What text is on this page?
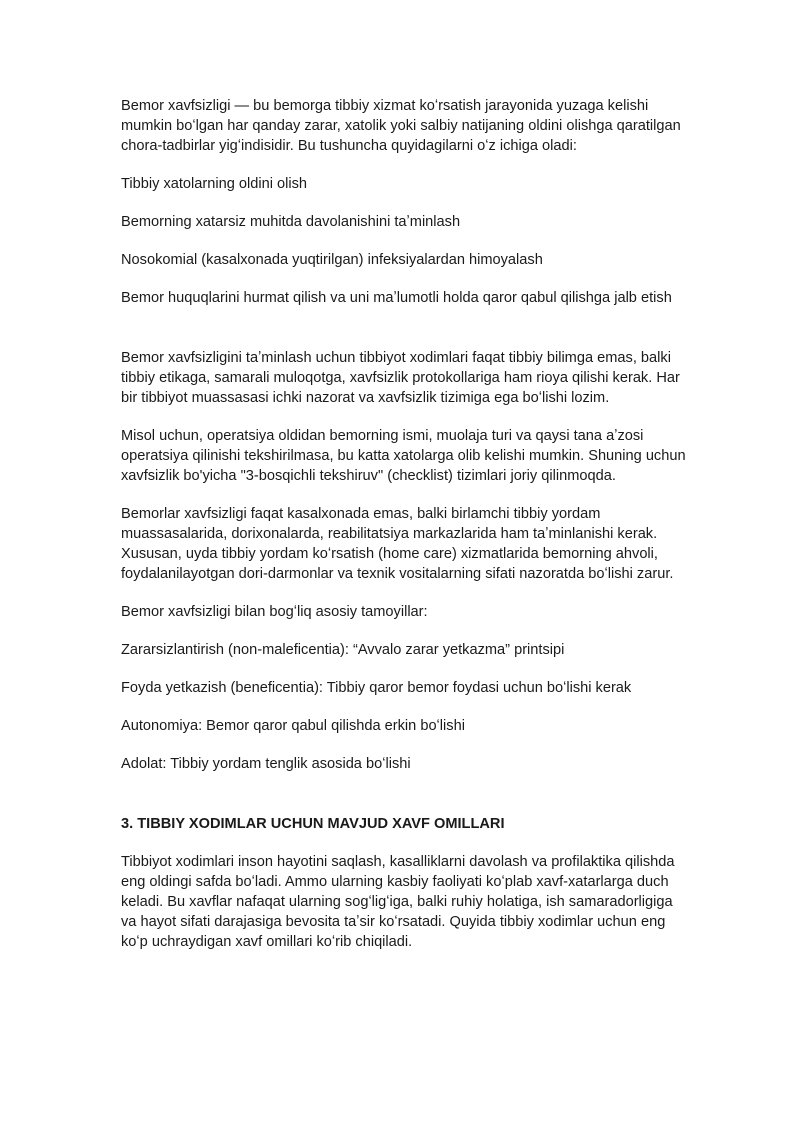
Bemor xavfsizligi — bu bemorga tibbiy xizmat koʻrsatish jarayonida yuzaga kelishi mumkin boʻlgan har qanday zarar, xatolik yoki salbiy natijaning oldini olishga qaratilgan chora-tadbirlar yigʻindisidir. Bu tushuncha quyidagilarni oʻz ichiga oladi:

Tibbiy xatolarning oldini olish

Bemorning xatarsiz muhitda davolanishini taʼminlash

Nosokomial (kasalxonada yuqtirilgan) infeksiyalardan himoyalash

Bemor huquqlarini hurmat qilish va uni maʼlumotli holda qaror qabul qilishga jalb etish

Bemor xavfsizligini taʼminlash uchun tibbiyot xodimlari faqat tibbiy bilimga emas, balki tibbiy etikaga, samarali muloqotga, xavfsizlik protokollariga ham rioya qilishi kerak. Har bir tibbiyot muassasasi ichki nazorat va xavfsizlik tizimiga ega boʻlishi lozim.

Misol uchun, operatsiya oldidan bemorning ismi, muolaja turi va qaysi tana aʼzosi operatsiya qilinishi tekshirilmasa, bu katta xatolarga olib kelishi mumkin. Shuning uchun xavfsizlik bo'yicha "3-bosqichli tekshiruv" (checklist) tizimlari joriy qilinmoqda.

Bemorlar xavfsizligi faqat kasalxonada emas, balki birlamchi tibbiy yordam muassasalarida, dorixonalarda, reabilitatsiya markazlarida ham taʼminlanishi kerak. Xususan, uyda tibbiy yordam koʻrsatish (home care) xizmatlarida bemorning ahvoli, foydalanilayotgan dori-darmonlar va texnik vositalarning sifati nazoratda boʻlishi zarur.

Bemor xavfsizligi bilan bogʻliq asosiy tamoyillar:

Zararsizlantirish (non-maleficentia): “Avvalo zarar yetkazma” printsipi

Foyda yetkazish (beneficentia): Tibbiy qaror bemor foydasi uchun boʻlishi kerak

Autonomiya: Bemor qaror qabul qilishda erkin boʻlishi

Adolat: Tibbiy yordam tenglik asosida boʻlishi

3. TIBBIY XODIMLAR UCHUN MAVJUD XAVF OMILLARI

Tibbiyot xodimlari inson hayotini saqlash, kasalliklarni davolash va profilaktika qilishda eng oldingi safda boʻladi. Ammo ularning kasbiy faoliyati koʻplab xavf-xatarlarga duch keladi. Bu xavflar nafaqat ularning sogʻligʻiga, balki ruhiy holatiga, ish samaradorligiga va hayot sifati darajasiga bevosita taʼsir koʻrsatadi. Quyida tibbiy xodimlar uchun eng koʻp uchraydigan xavf omillari koʻrib chiqiladi.
